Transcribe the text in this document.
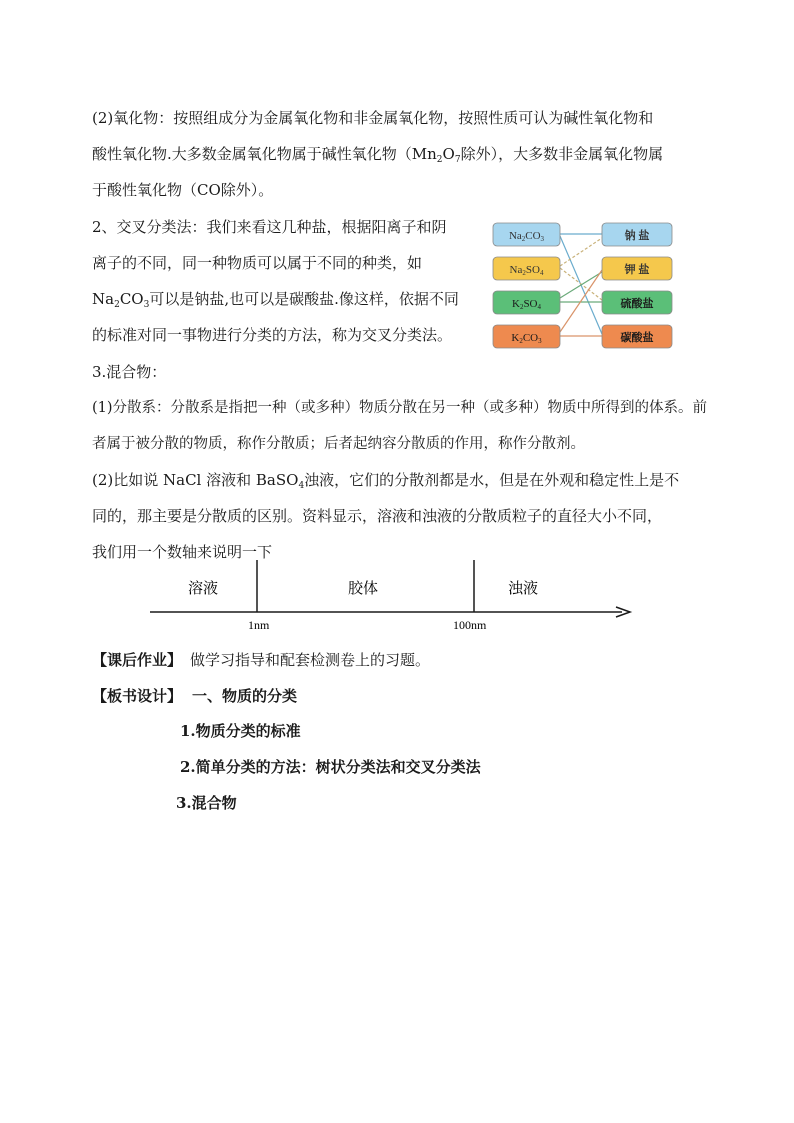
(2)氧化物：按照组成分为金属氧化物和非金属氧化物，按照性质可认为碱性氧化物和
酸性氧化物.大多数金属氧化物属于碱性氧化物（$Mn_2O_7$除外），大多数非金属氧化物属
于酸性氧化物（CO除外）。
2、交叉分类法：我们来看这几种盐，根据阳离子和阴
离子的不同，同一种物质可以属于不同的种类，如
$Na_2CO_3$可以是钠盐,也可以是碳酸盐.像这样，依据不同
的标准对同一事物进行分类的方法，称为交叉分类法。
Na2CO3
Na2SO4
K2SO4
K2CO3
钠 盐
钾 盐
硫酸盐
碳酸盐
3.混合物：
(1)分散系：分散系是指把一种（或多种）物质分散在另一种（或多种）物质中所得到的体系。前
者属于被分散的物质，称作分散质；后者起纳容分散质的作用，称作分散剂。
(2)比如说 NaCl 溶液和 BaSO$_4$浊液，它们的分散剂都是水，但是在外观和稳定性上是不
同的，那主要是分散质的区别。资料显示，溶液和浊液的分散质粒子的直径大小不同，
我们用一个数轴来说明一下
溶液	胶体	浊液
1nm	100nm
【课后作业】 做学习指导和配套检测卷上的习题。
【板书设计】 一、物质的分类
1.物质分类的标准
2.简单分类的方法：树状分类法和交叉分类法
3.混合物
